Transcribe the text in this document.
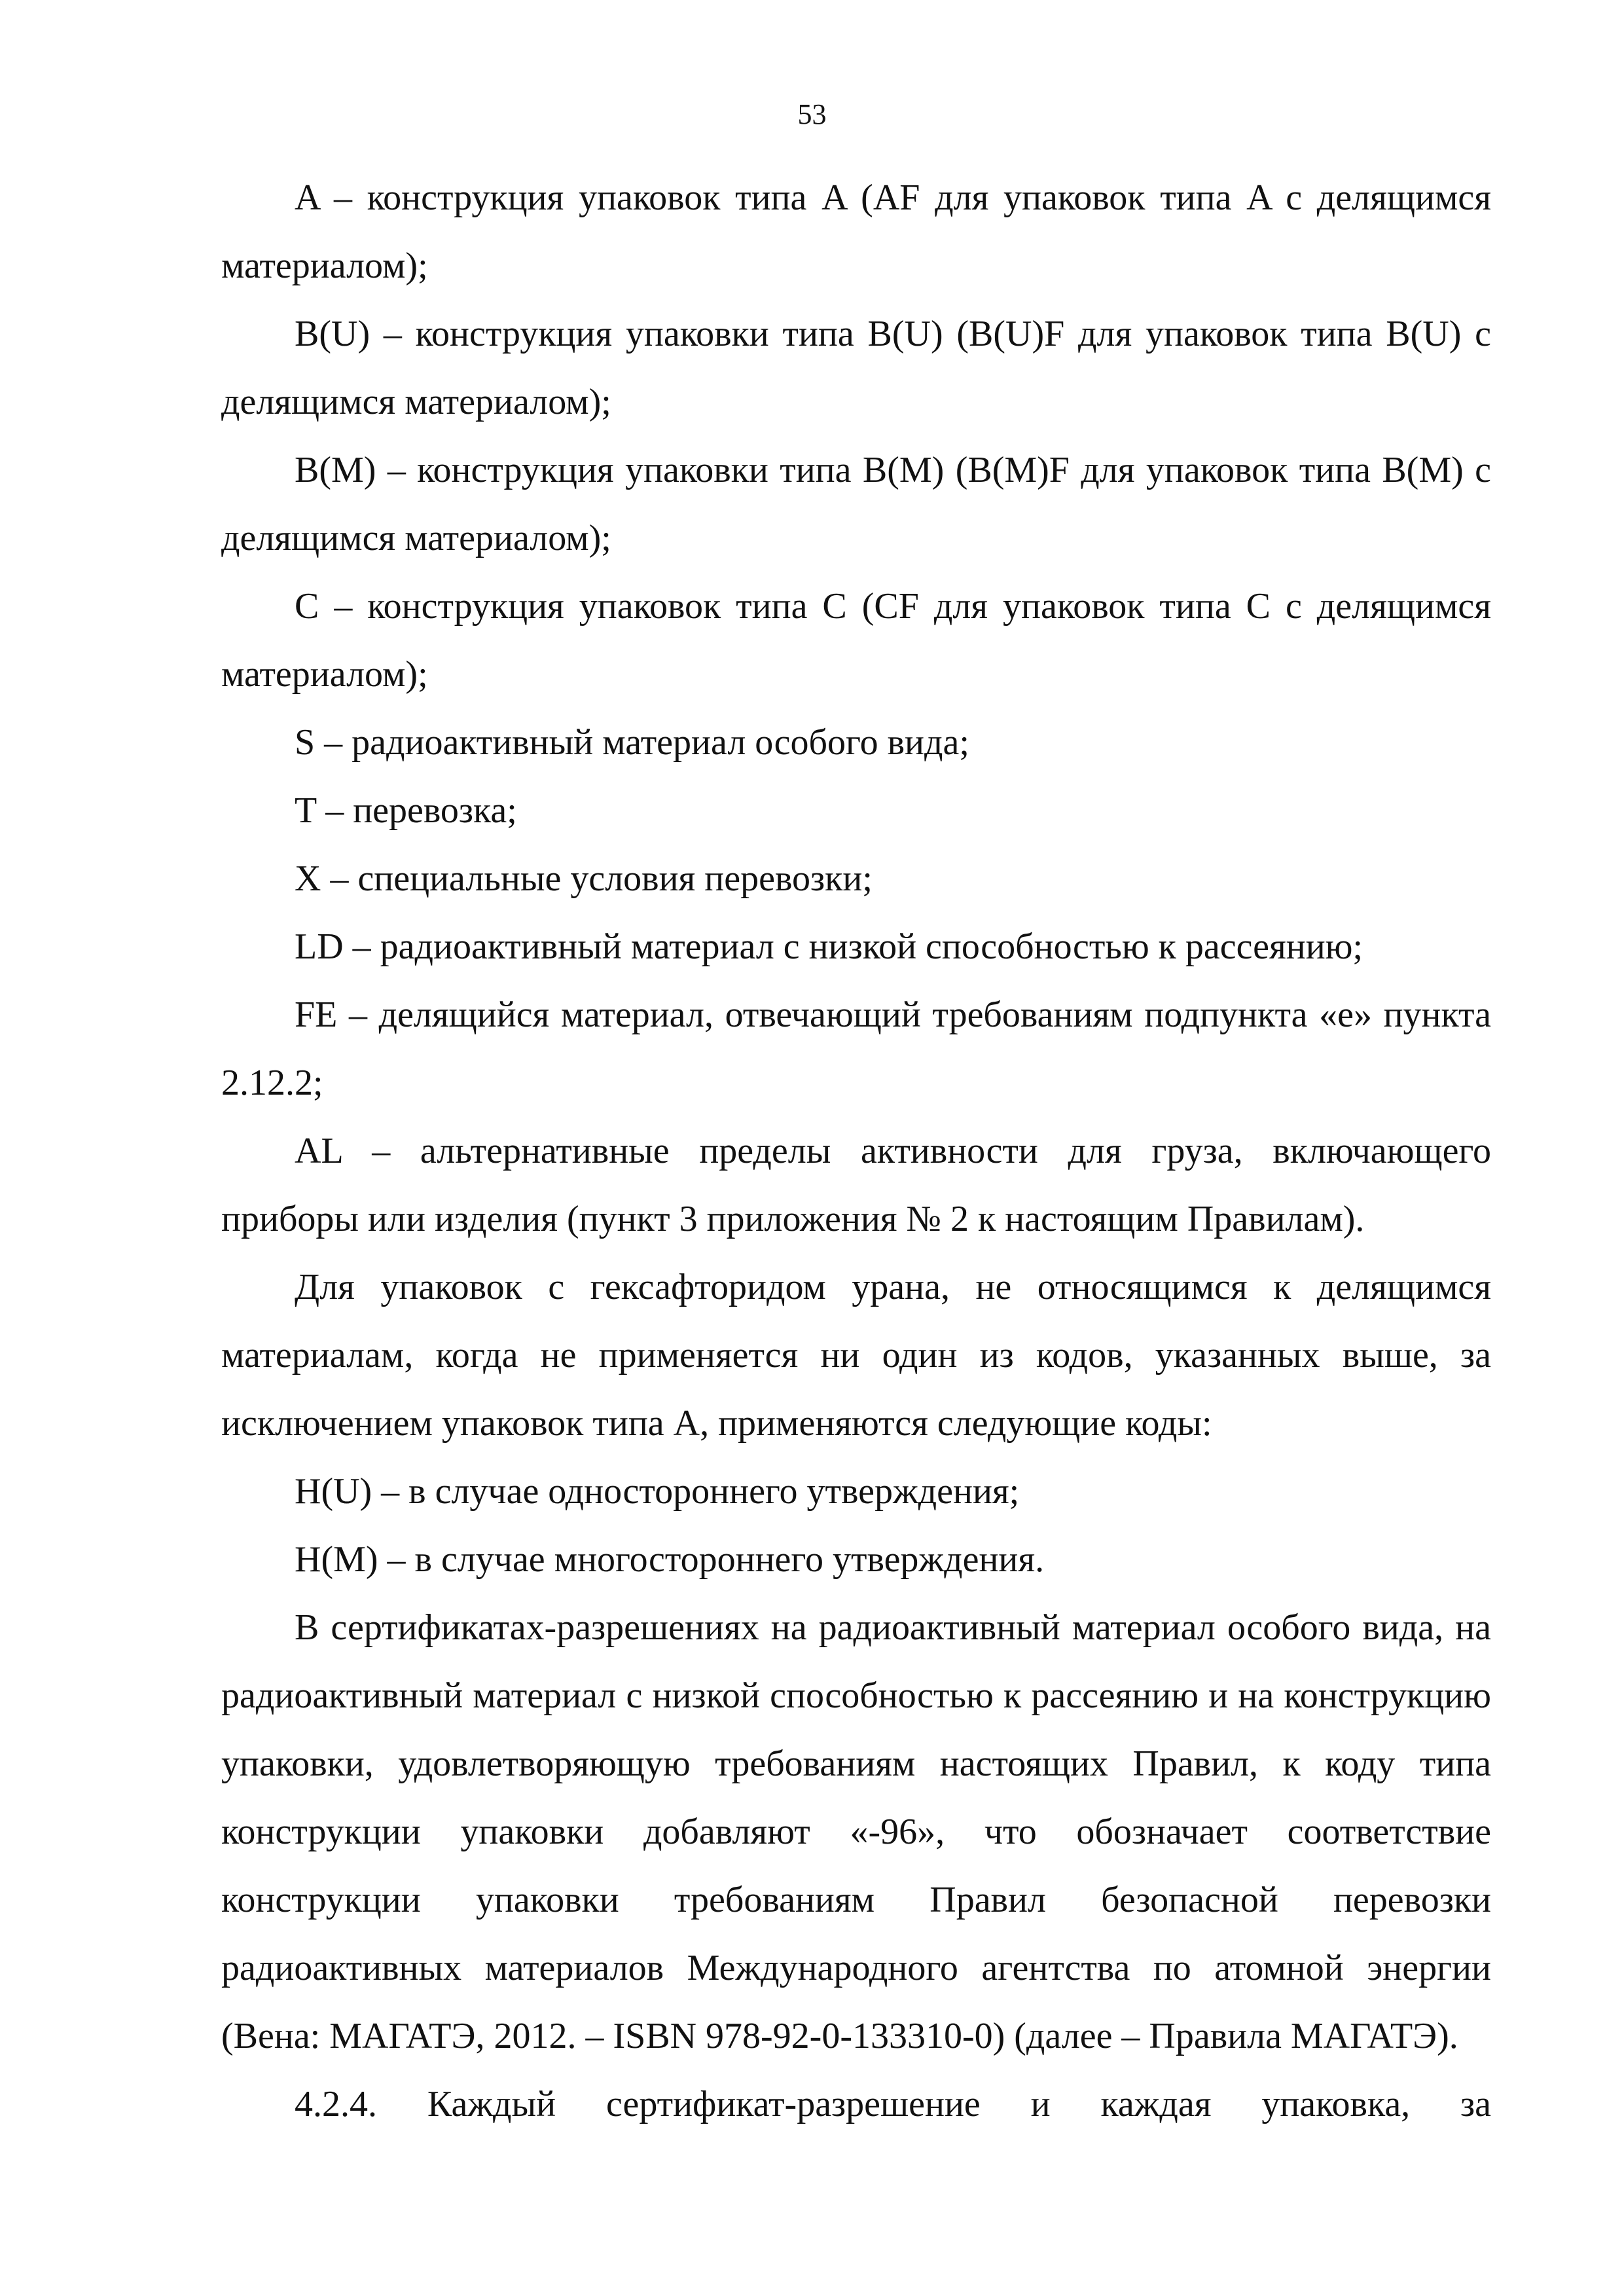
53

A – конструкция упаковок типа A (AF для упаковок типа A с делящимся материалом);

B(U) – конструкция упаковки типа B(U) (B(U)F для упаковок типа B(U) с делящимся материалом);

B(M) – конструкция упаковки типа B(M) (B(M)F для упаковок типа B(M) с делящимся материалом);

C – конструкция упаковок типа C (CF для упаковок типа C с делящимся материалом);

S – радиоактивный материал особого вида;

T – перевозка;

X – специальные условия перевозки;

LD – радиоактивный материал с низкой способностью к рассеянию;

FE – делящийся материал, отвечающий требованиям подпункта «е» пункта 2.12.2;

AL – альтернативные пределы активности для груза, включающего приборы или изделия (пункт 3 приложения № 2 к настоящим Правилам).

Для упаковок с гексафторидом урана, не относящимся к делящимся материалам, когда не применяется ни один из кодов, указанных выше, за исключением упаковок типа A, применяются следующие коды:

H(U) – в случае одностороннего утверждения;

H(M) – в случае многостороннего утверждения.

В сертификатах-разрешениях на радиоактивный материал особого вида, на радиоактивный материал с низкой способностью к рассеянию и на конструкцию упаковки, удовлетворяющую требованиям настоящих Правил, к коду типа конструкции упаковки добавляют «-96», что обозначает соответствие конструкции упаковки требованиям Правил безопасной перевозки радиоактивных материалов Международного агентства по атомной энергии (Вена: МАГАТЭ, 2012. – ISBN 978-92-0-133310-0) (далее – Правила МАГАТЭ).

4.2.4. Каждый сертификат-разрешение и каждая упаковка, за
